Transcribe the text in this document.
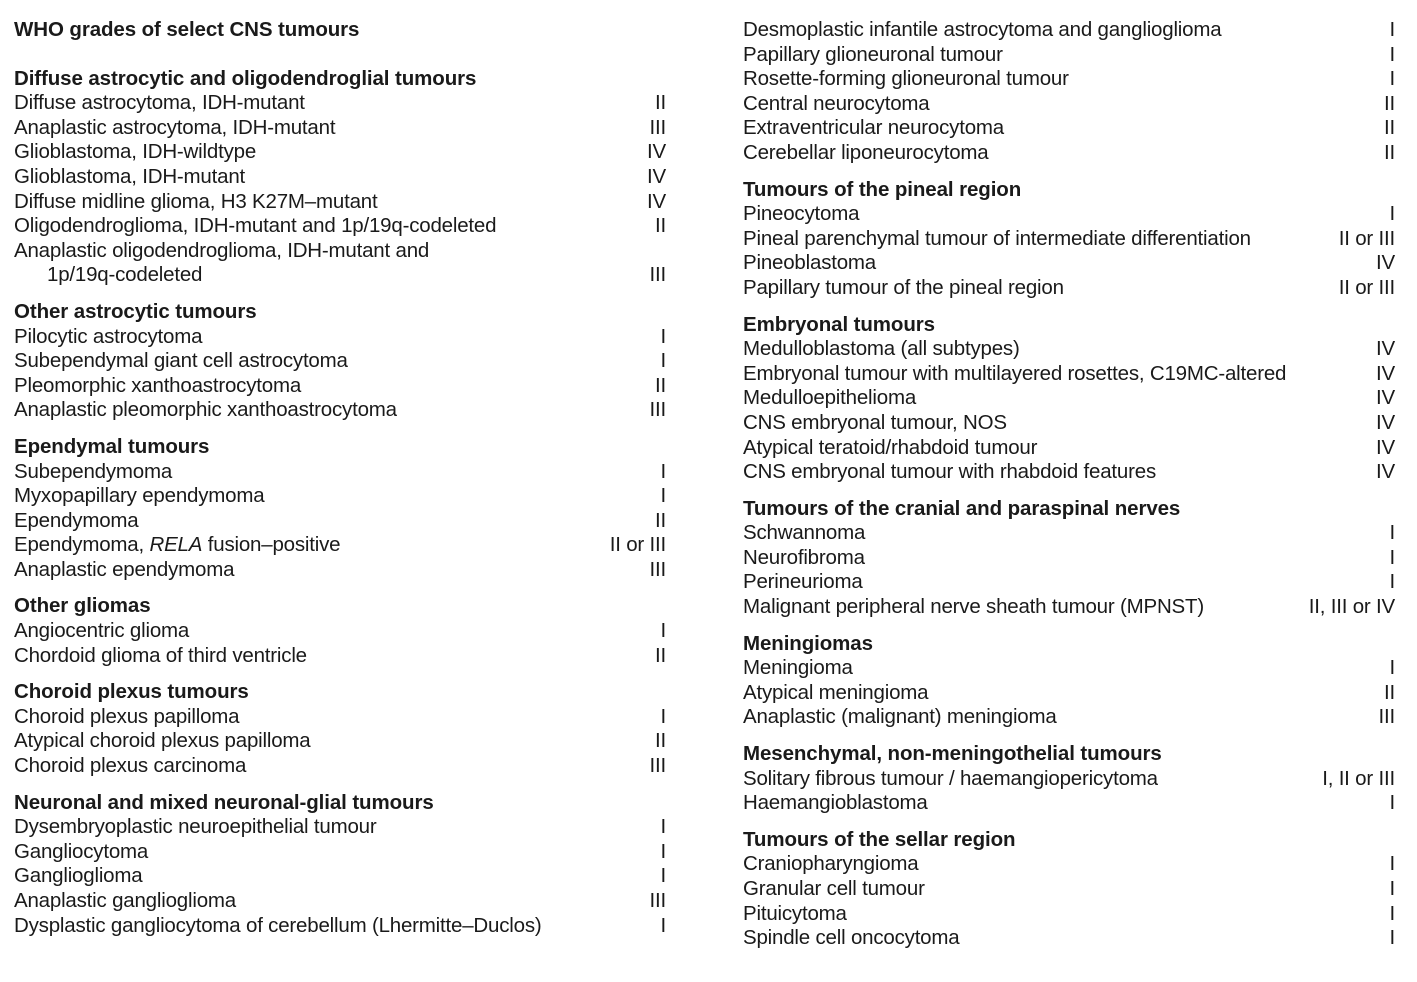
WHO grades of select CNS tumours
Diffuse astrocytic and oligodendroglial tumours
Diffuse astrocytoma, IDH-mutant	II
Anaplastic astrocytoma, IDH-mutant	III
Glioblastoma, IDH-wildtype	IV
Glioblastoma, IDH-mutant	IV
Diffuse midline glioma, H3 K27M–mutant	IV
Oligodendroglioma, IDH-mutant and 1p/19q-codeleted	II
Anaplastic oligodendroglioma, IDH-mutant and
1p/19q-codeleted	III
Other astrocytic tumours
Pilocytic astrocytoma	I
Subependymal giant cell astrocytoma	I
Pleomorphic xanthoastrocytoma	II
Anaplastic pleomorphic xanthoastrocytoma	III
Ependymal tumours
Subependymoma	I
Myxopapillary ependymoma	I
Ependymoma	II
Ependymoma, RELA fusion–positive	II or III
Anaplastic ependymoma	III
Other gliomas
Angiocentric glioma	I
Chordoid glioma of third ventricle	II
Choroid plexus tumours
Choroid plexus papilloma	I
Atypical choroid plexus papilloma	II
Choroid plexus carcinoma	III
Neuronal and mixed neuronal-glial tumours
Dysembryoplastic neuroepithelial tumour	I
Gangliocytoma	I
Ganglioglioma	I
Anaplastic ganglioglioma	III
Dysplastic gangliocytoma of cerebellum (Lhermitte–Duclos)	I
Desmoplastic infantile astrocytoma and ganglioglioma	I
Papillary glioneuronal tumour	I
Rosette-forming glioneuronal tumour	I
Central neurocytoma	II
Extraventricular neurocytoma	II
Cerebellar liponeurocytoma	II
Tumours of the pineal region
Pineocytoma	I
Pineal parenchymal tumour of intermediate differentiation	II or III
Pineoblastoma	IV
Papillary tumour of the pineal region	II or III
Embryonal tumours
Medulloblastoma (all subtypes)	IV
Embryonal tumour with multilayered rosettes, C19MC-altered	IV
Medulloepithelioma	IV
CNS embryonal tumour, NOS	IV
Atypical teratoid/rhabdoid tumour	IV
CNS embryonal tumour with rhabdoid features	IV
Tumours of the cranial and paraspinal nerves
Schwannoma	I
Neurofibroma	I
Perineurioma	I
Malignant peripheral nerve sheath tumour (MPNST)	II, III or IV
Meningiomas
Meningioma	I
Atypical meningioma	II
Anaplastic (malignant) meningioma	III
Mesenchymal, non-meningothelial tumours
Solitary fibrous tumour / haemangiopericytoma	I, II or III
Haemangioblastoma	I
Tumours of the sellar region
Craniopharyngioma	I
Granular cell tumour	I
Pituicytoma	I
Spindle cell oncocytoma	I
